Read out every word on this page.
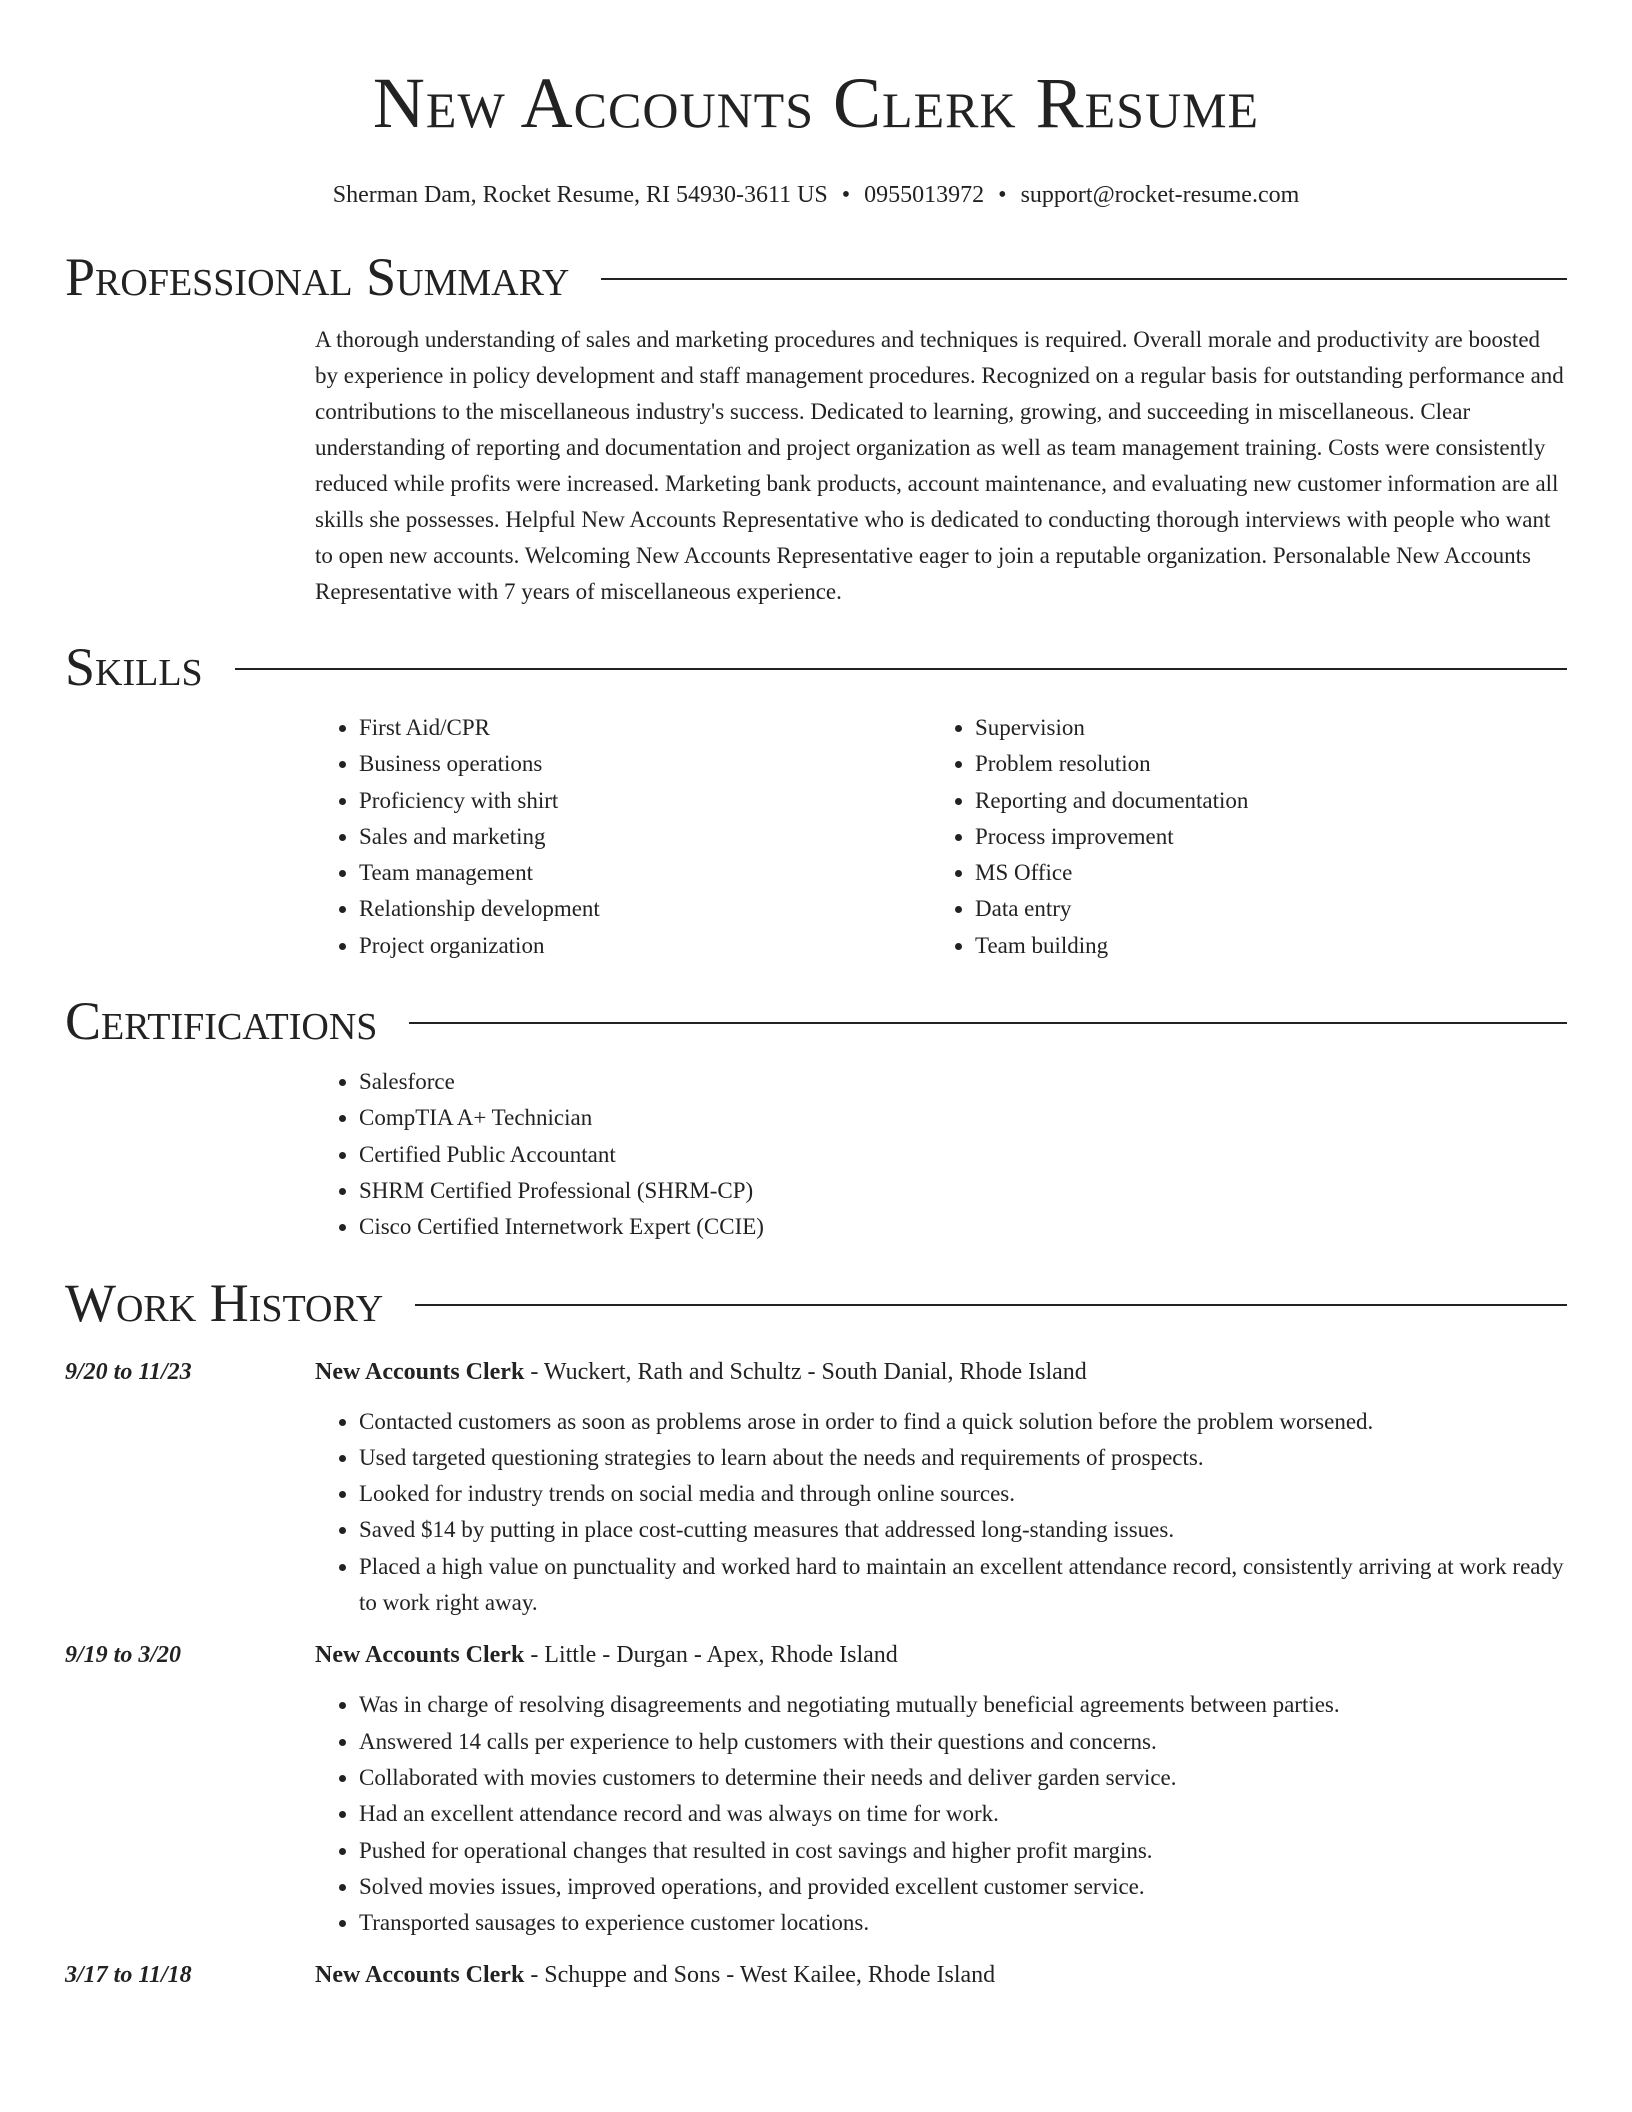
New Accounts Clerk Resume
Sherman Dam, Rocket Resume, RI 54930-3611 US • 0955013972 • support@rocket-resume.com
Professional Summary

A thorough understanding of sales and marketing procedures and techniques is required. Overall morale and productivity are boosted by experience in policy development and staff management procedures. Recognized on a regular basis for outstanding performance and contributions to the miscellaneous industry's success. Dedicated to learning, growing, and succeeding in miscellaneous. Clear understanding of reporting and documentation and project organization as well as team management training. Costs were consistently reduced while profits were increased. Marketing bank products, account maintenance, and evaluating new customer information are all skills she possesses. Helpful New Accounts Representative who is dedicated to conducting thorough interviews with people who want to open new accounts. Welcoming New Accounts Representative eager to join a reputable organization. Personalable New Accounts Representative with 7 years of miscellaneous experience.

Skills
• First Aid/CPR
• Business operations
• Proficiency with shirt
• Sales and marketing
• Team management
• Relationship development
• Project organization
• Supervision
• Problem resolution
• Reporting and documentation
• Process improvement
• MS Office
• Data entry
• Team building
Certifications
• Salesforce
• CompTIA A+ Technician
• Certified Public Accountant
• SHRM Certified Professional (SHRM-CP)
• Cisco Certified Internetwork Expert (CCIE)
Work History
9/20 to 11/23	New Accounts Clerk - Wuckert, Rath and Schultz - South Danial, Rhode Island
• Contacted customers as soon as problems arose in order to find a quick solution before the problem worsened.
• Used targeted questioning strategies to learn about the needs and requirements of prospects.
• Looked for industry trends on social media and through online sources.
• Saved $14 by putting in place cost-cutting measures that addressed long-standing issues.
• Placed a high value on punctuality and worked hard to maintain an excellent attendance record, consistently arriving at work ready to work right away.
9/19 to 3/20	New Accounts Clerk - Little - Durgan - Apex, Rhode Island
• Was in charge of resolving disagreements and negotiating mutually beneficial agreements between parties.
• Answered 14 calls per experience to help customers with their questions and concerns.
• Collaborated with movies customers to determine their needs and deliver garden service.
• Had an excellent attendance record and was always on time for work.
• Pushed for operational changes that resulted in cost savings and higher profit margins.
• Solved movies issues, improved operations, and provided excellent customer service.
• Transported sausages to experience customer locations.
3/17 to 11/18	New Accounts Clerk - Schuppe and Sons - West Kailee, Rhode Island
